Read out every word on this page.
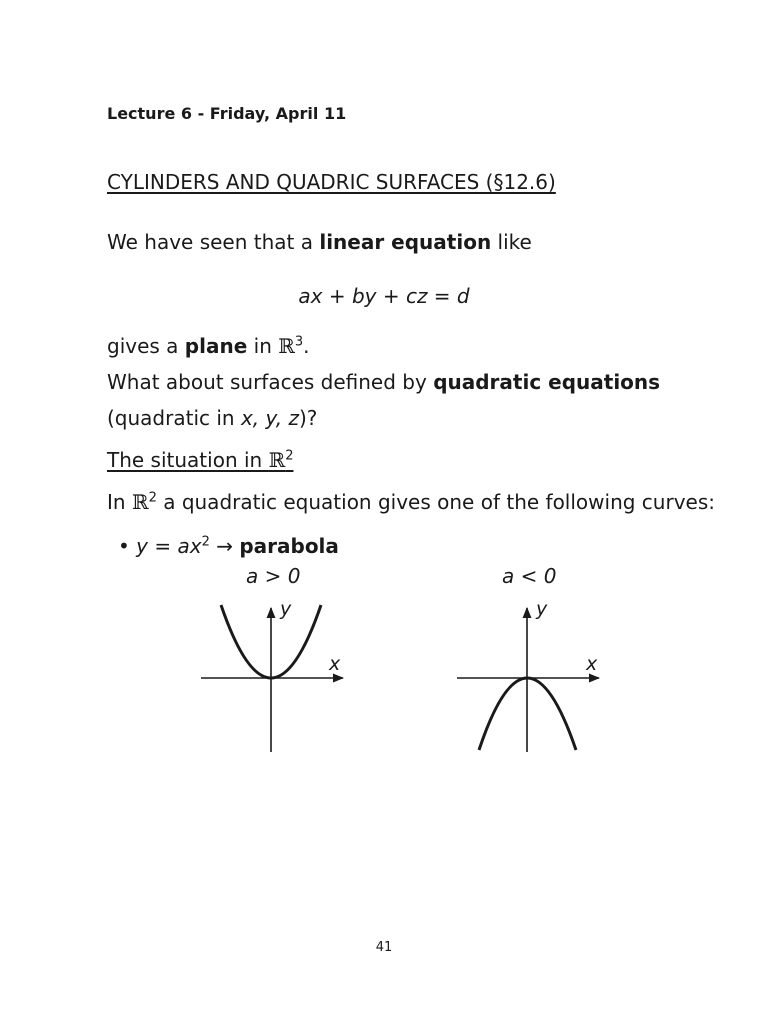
Lecture 6 - Friday, April 11
CYLINDERS AND QUADRIC SURFACES (§12.6)
We have seen that a linear equation like
ax + by + cz = d
gives a plane in ℝ$^3$.
What about surfaces defined by quadratic equations
(quadratic in x, y, z)?
The situation in ℝ$^2$
In ℝ$^2$ a quadratic equation gives one of the following curves:
• $y = ax^2$ → parabola
a > 0	a < 0
x
y
x
y
41
